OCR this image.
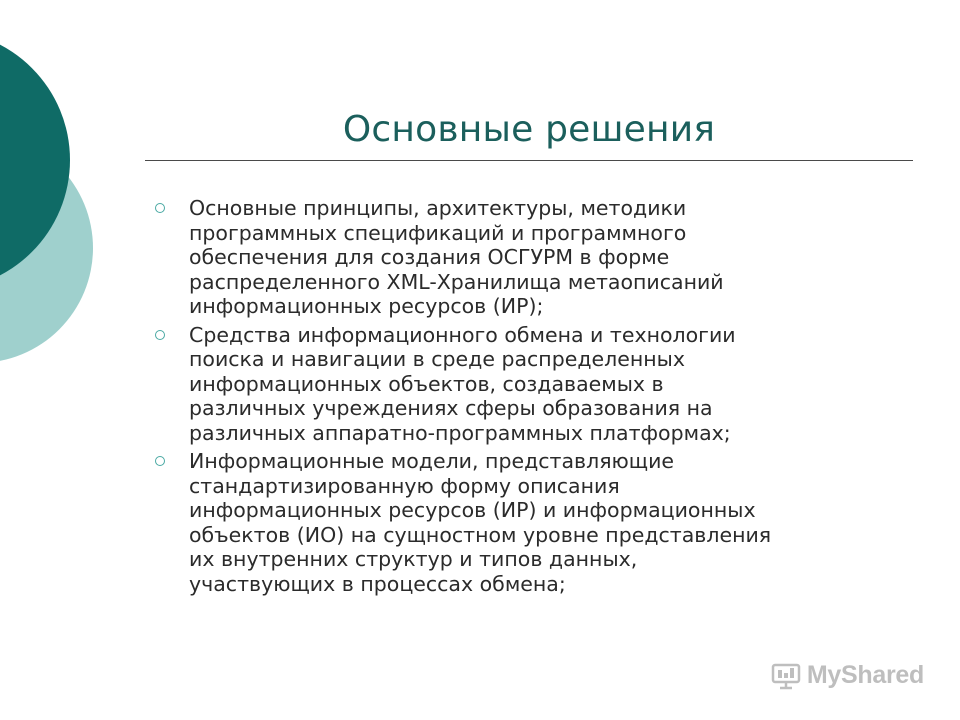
Основные решения
Основные принципы, архитектуры, методики
программных спецификаций и программного
обеспечения для создания ОСГУРМ в форме
распределенного XML-Хранилища метаописаний
информационных ресурсов (ИР);
Средства информационного обмена и технологии
поиска и навигации в среде распределенных
информационных объектов, создаваемых в
различных учреждениях сферы образования на
различных аппаратно-программных платформах;
Информационные модели, представляющие
стандартизированную форму описания
информационных ресурсов (ИР) и информационных
объектов (ИО) на сущностном уровне представления
их внутренних структур и типов данных,
участвующих в процессах обмена;
MyShared
